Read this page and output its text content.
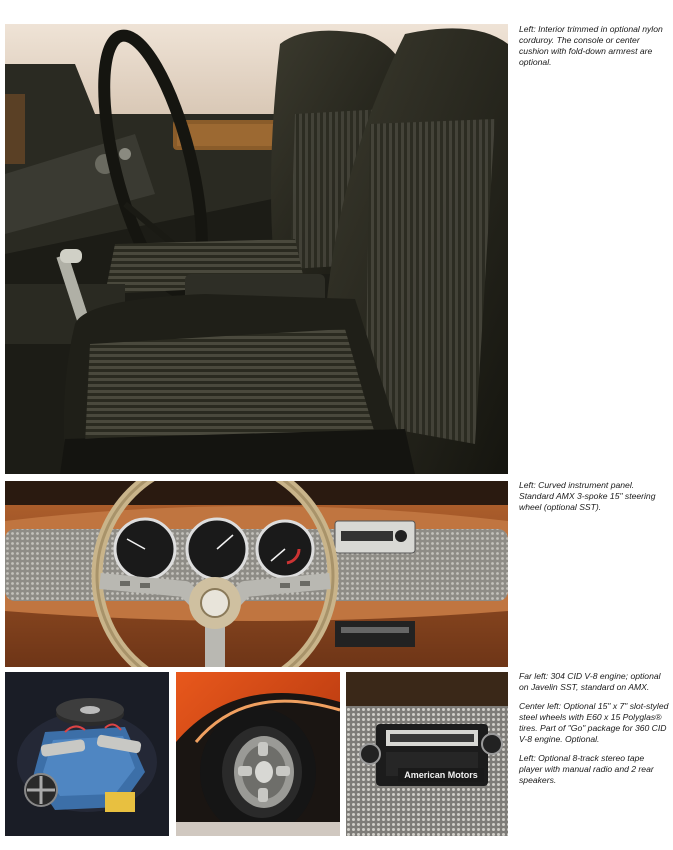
American Motors

Left: Interior trimmed in optional nylon corduroy. The console or center cushion with fold-down armrest are optional.

Left: Curved instrument panel. Standard AMX 3-spoke 15" steering wheel (optional SST).

Far left: 304 CID V-8 engine; optional on Javelin SST, standard on AMX.

Center left: Optional 15" x 7" slot-styled steel wheels with E60 x 15 Polyglas® tires. Part of "Go" package for 360 CID V-8 engine. Optional.

Left: Optional 8-track stereo tape player with manual radio and 2 rear speakers.
